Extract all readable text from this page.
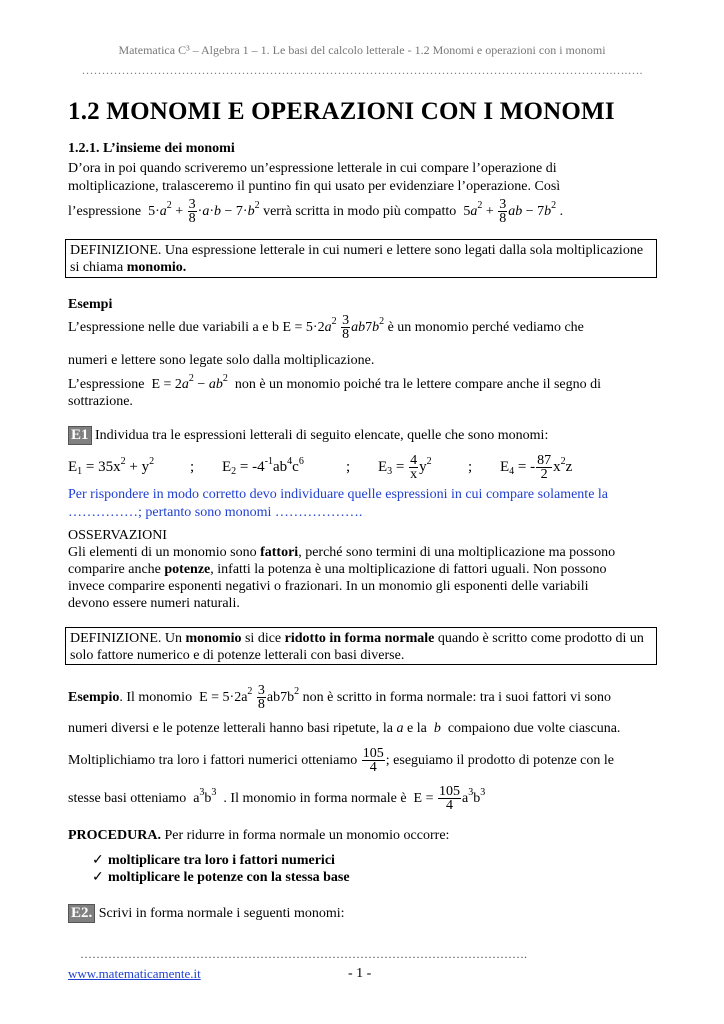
Matematica C³ – Algebra 1 – 1. Le basi del calcolo letterale - 1.2 Monomi e operazioni con i monomi
…………………………………………………………………………………………………………………….….….
1.2 MONOMI E OPERAZIONI CON I MONOMI
1.2.1. L’insieme dei monomi
D’ora in poi quando scriveremo un’espressione letterale in cui compare l’operazione di
moltiplicazione, tralasceremo il puntino fin qui usato per evidenziare l’operazione. Così
l’espressione  $5\cdot a^2 + \frac{3}{8} \cdot a\cdot b - 7\cdot b^2$ verrà scritta in modo più compatto  $5a^2 + \frac{3}{8}$ ab − $7b^2$ .
DEFINIZIONE. Una espressione letterale in cui numeri e lettere sono legati dalla sola moltiplicazione si chiama monomio.
Esempi
L’espressione nelle due variabili a e b $E = 5\cdot 2a^2 \frac{3}{8} ab7b^2$ è un monomio perché vediamo che
numeri e lettere sono legate solo dalla moltiplicazione.
L’espressione  $E = 2a^2 - ab^2$ non è un monomio poiché tra le lettere compare anche il segno di
sottrazione.
E1 Individua tra le espressioni letterali di seguito elencate, quelle che sono monomi:
$E_1 = 35x^2 + y^2$ ; $E_2 = -4^{-1}ab^4c^6$	; $E_3 = \frac{4}{x} y^2$ ; $E_4$ = - $\frac{87}{2} x^2z$
Per rispondere in modo corretto devo individuare quelle espressioni in cui compare solamente la
……………; pertanto sono monomi ……………….
OSSERVAZIONI
Gli elementi di un monomio sono fattori, perché sono termini di una moltiplicazione ma possono
comparire anche potenze, infatti la potenza è una moltiplicazione di fattori uguali. Non possono
invece comparire esponenti negativi o frazionari. In un monomio gli esponenti delle variabili
devono essere numeri naturali.
DEFINIZIONE. Un monomio si dice ridotto in forma normale quando è scritto come prodotto di un solo fattore numerico e di potenze letterali con basi diverse.
Esempio. Il monomio  $E = 5\cdot 2a^2 \frac{3}{8} ab7b^2$ non è scritto in forma normale: tra i suoi fattori vi sono
numeri diversi e le potenze letterali hanno basi ripetute, la a e la b compaiono due volte ciascuna.
Moltiplichiamo tra loro i fattori numerici otteniamo $\frac{105}{4}$ ; eseguiamo il prodotto di potenze con le
stesse basi otteniamo  $a^3b^3$ . Il monomio in forma normale è  $E = \frac{105}{4} a^3b^3$
PROCEDURA. Per ridurre in forma normale un monomio occorre:
✓ moltiplicare tra loro i fattori numerici
✓ moltiplicare le potenze con la stessa base
E2. Scrivi in forma normale i seguenti monomi:
………………………………………………………………………………………………….
www.matematicamente.it	- 1 -
